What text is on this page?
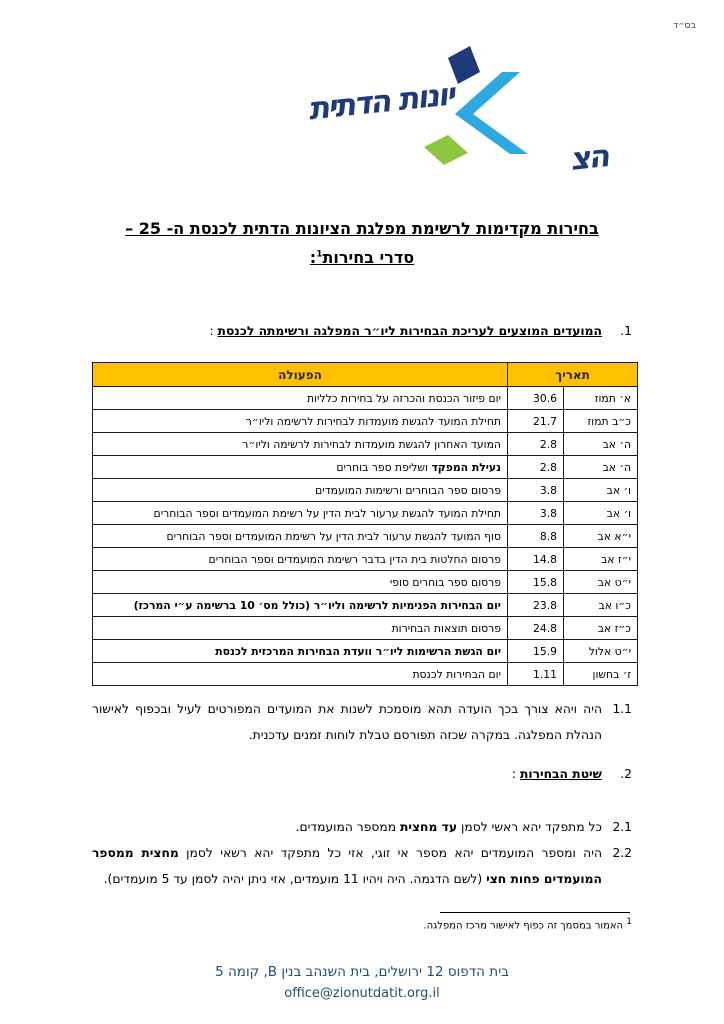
בס״ד
יונות הדתית
הצ
בחירות מקדימות לרשימת מפלגת הציונות הדתית לכנסת ה- 25 –
סדרי בחירות$^1$:
1.
המועדים המוצעים לעריכת הבחירות ליו״ר המפלגה ורשימתה לכנסת :
תאריך		הפעולה
א׳ תמוז	30.6	יום פיזור הכנסת והכרזה על בחירות כלליות
כ״ב תמוז	21.7	תחילת המועד להגשת מועמדות לבחירות לרשימה וליו״ר
ה׳ אב	2.8	המועד האחרון להגשת מועמדות לבחירות לרשימה וליו״ר
ה׳ אב	2.8	נעילת המפקד ושליפת ספר בוחרים
ו׳ אב	3.8	פרסום ספר הבוחרים ורשימות המועמדים
ו׳ אב	3.8	תחילת המועד להגשת ערעור לבית הדין על רשימת המועמדים וספר הבוחרים
י״א אב	8.8	סוף המועד להגשת ערעור לבית הדין על רשימת המועמדים וספר הבוחרים
י״ז אב	14.8	פרסום החלטות בית הדין בדבר רשימת המועמדים וספר הבוחרים
י״ט אב	15.8	פרסום ספר בוחרים סופי
כ״ו אב	23.8	יום הבחירות הפנימיות לרשימה וליו״ר (כולל מס׳ 10 ברשימה ע״י המרכז)
כ״ז אב	24.8	פרסום תוצאות הבחירות
י״ט אלול	15.9	יום הגשת הרשימות ליו״ר וועדת הבחירות המרכזית לכנסת
ז׳ בחשון	1.11	יום הבחירות לכנסת
1.1
היה ויהא צורך בכך הועדה תהא מוסמכת לשנות את המועדים המפורטים לעיל ובכפוף לאישור הנהלת המפלגה. במקרה שכזה תפורסם טבלת לוחות זמנים עדכנית.
2.
שיטת הבחירות :
2.1
כל מתפקד יהא ראשי לסמן עד מחצית ממספר המועמדים.
2.2
היה ומספר המועמדים יהא מספר אי זוגי, אזי כל מתפקד יהא רשאי לסמן מחצית ממספר המועמדים פחות חצי (לשם הדגמה. היה ויהיו 11 מועמדים, אזי ניתן יהיה לסמן עד 5 מועמדים).
$^1$ האמור במסמך זה כפוף לאישור מרכז המפלגה.
בית הדפוס 12 ירושלים, בית השנהב בנין B, קומה 5
office@zionutdatit.org.il
